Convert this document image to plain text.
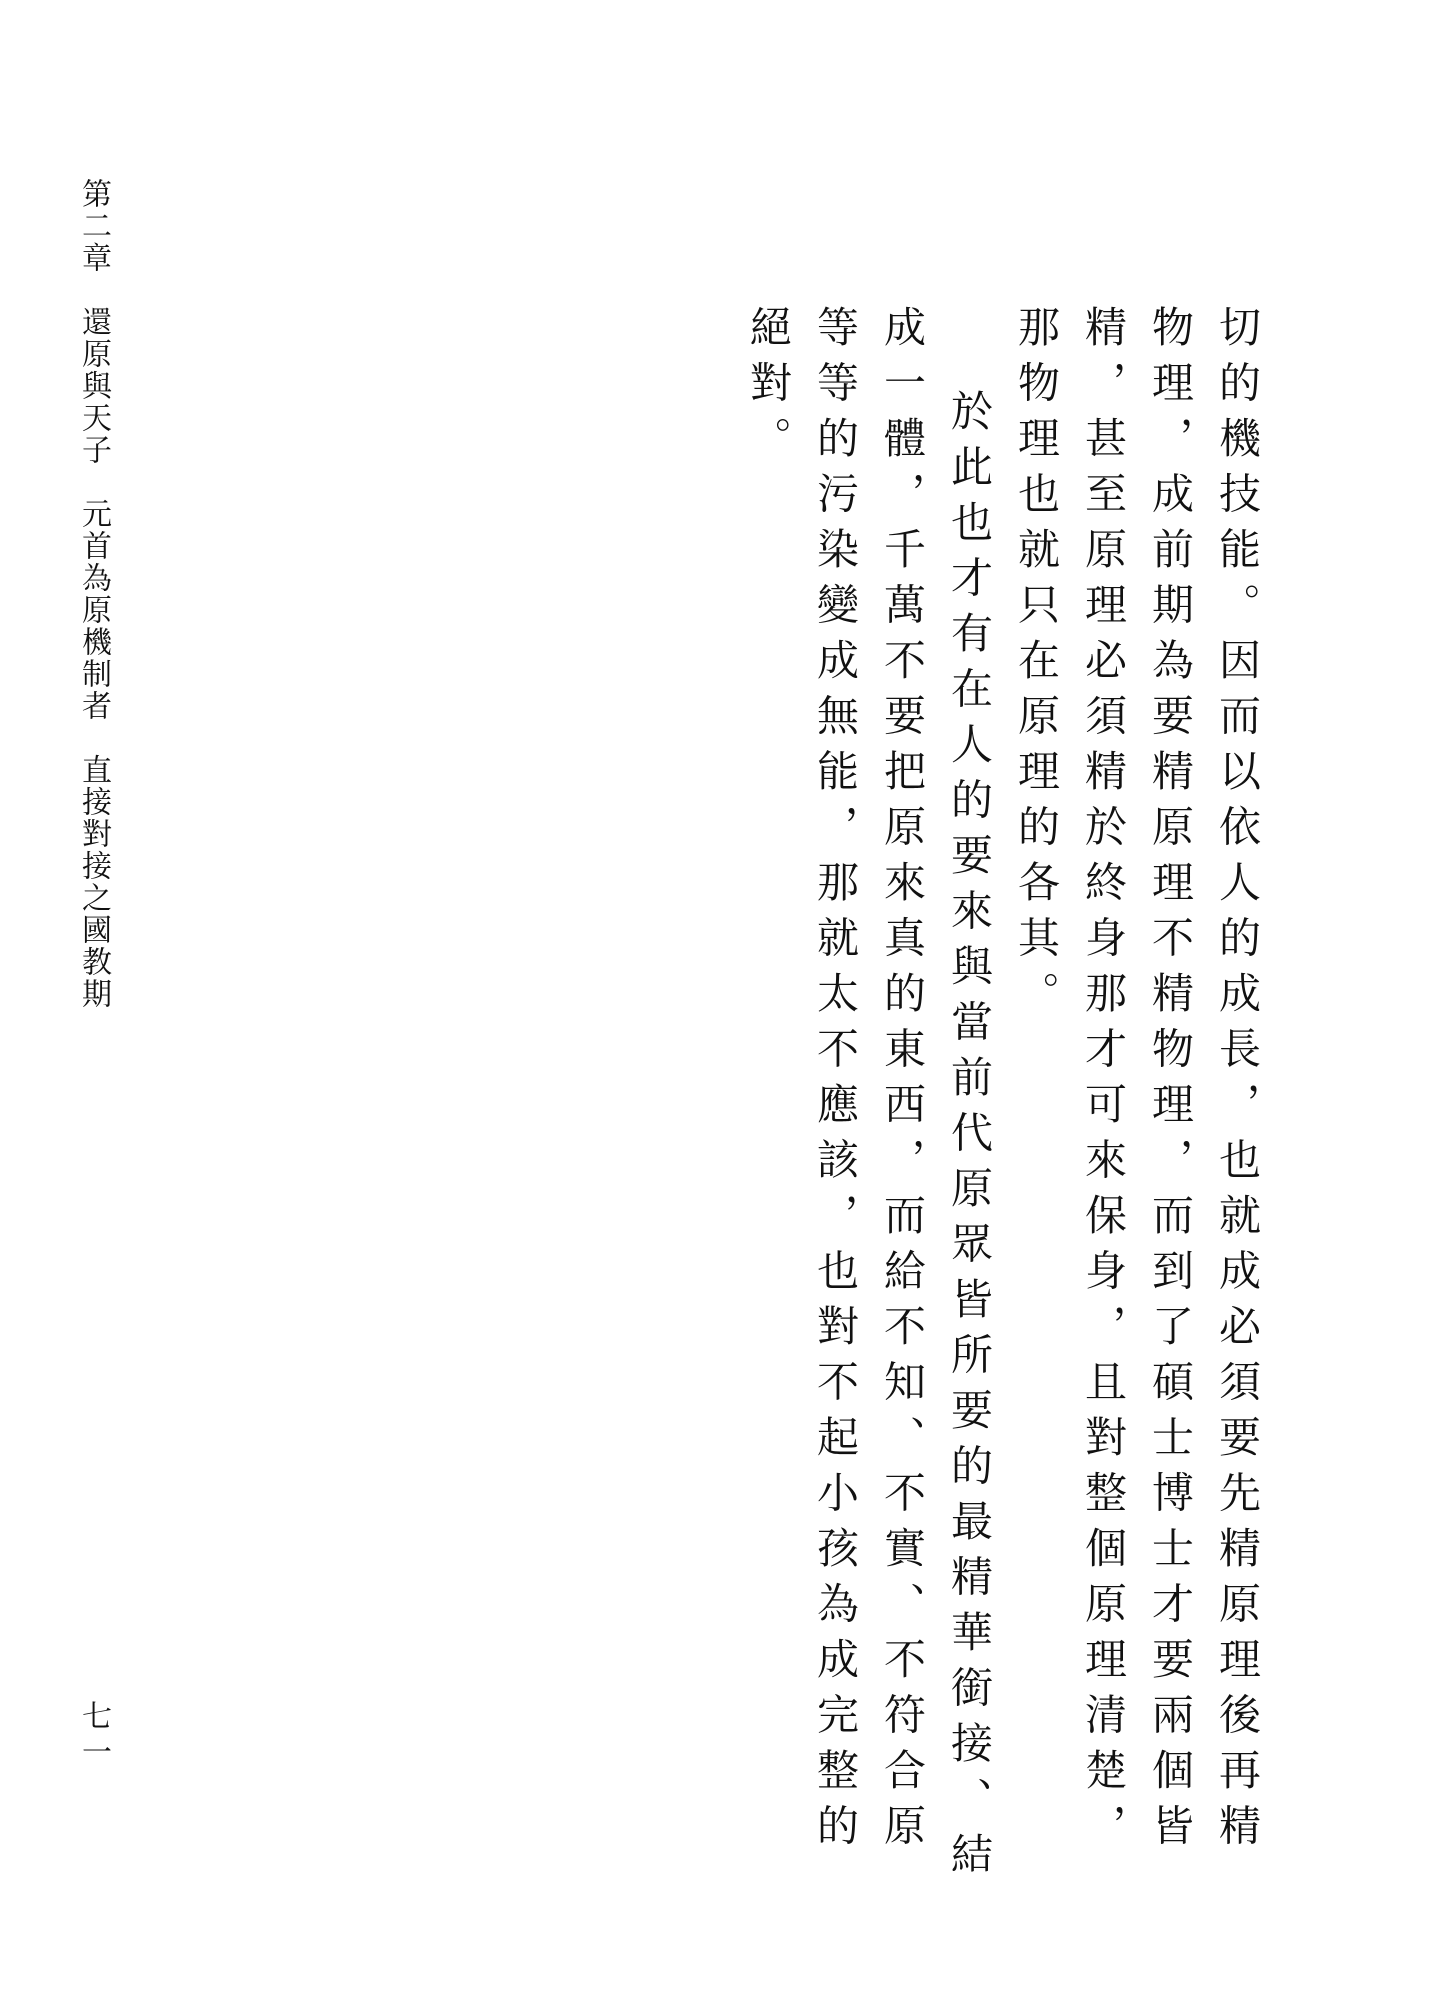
第二章　還原與天子　元首為原機制者　直接對接之國教期	切的機技能。因而以依人的成長，也就成必須要先精原理後再精物理，成前期為要精原理不精物理，而到了碩士博士才要兩個皆精，甚至原理必須精於終身那才可來保身，且對整個原理清楚，那物理也就只在原理的各其。

於此也才有在人的要來與當前代原眾皆所要的最精華銜接、結成一體，千萬不要把原來真的東西，而給不知、不實、不符合原等等的污染變成無能，那就太不應該，也對不起小孩為成完整的絕對。

七一
